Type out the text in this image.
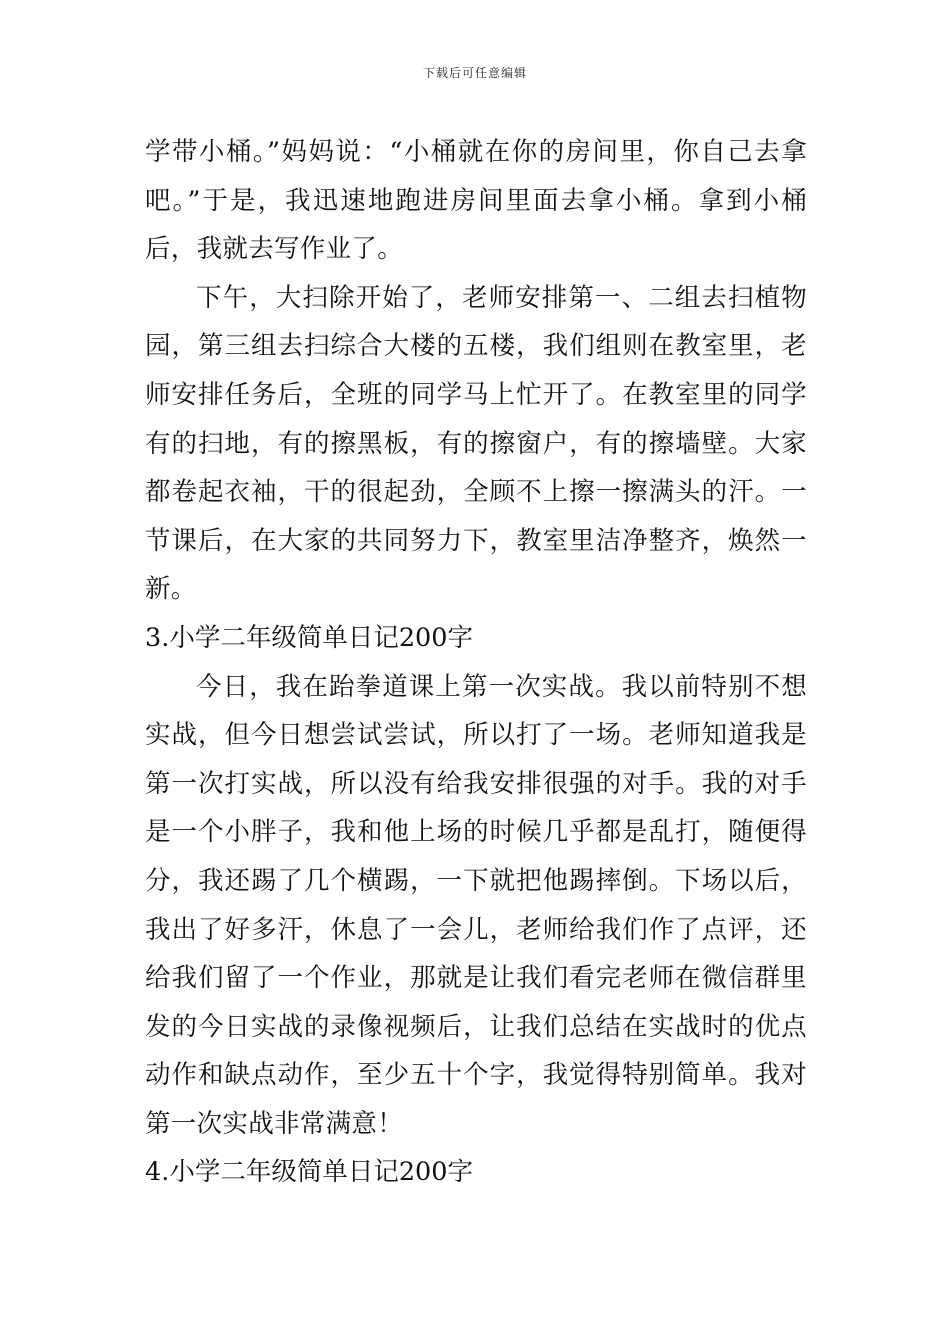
下载后可任意编辑

学带小桶。”妈妈说：“小桶就在你的房间里，你自己去拿吧。”于是，我迅速地跑进房间里面去拿小桶。拿到小桶后，我就去写作业了。

下午，大扫除开始了，老师安排第一、二组去扫植物园，第三组去扫综合大楼的五楼，我们组则在教室里，老师安排任务后，全班的同学马上忙开了。在教室里的同学有的扫地，有的擦黑板，有的擦窗户，有的擦墙壁。大家都卷起衣袖，干的很起劲，全顾不上擦一擦满头的汗。一节课后，在大家的共同努力下，教室里洁净整齐，焕然一新。

3.小学二年级简单日记200字

今日，我在跆拳道课上第一次实战。我以前特别不想实战，但今日想尝试尝试，所以打了一场。老师知道我是第一次打实战，所以没有给我安排很强的对手。我的对手是一个小胖子，我和他上场的时候几乎都是乱打，随便得分，我还踢了几个横踢，一下就把他踢摔倒。下场以后，我出了好多汗，休息了一会儿，老师给我们作了点评，还给我们留了一个作业，那就是让我们看完老师在微信群里发的今日实战的录像视频后，让我们总结在实战时的优点动作和缺点动作，至少五十个字，我觉得特别简单。我对第一次实战非常满意！

4.小学二年级简单日记200字
